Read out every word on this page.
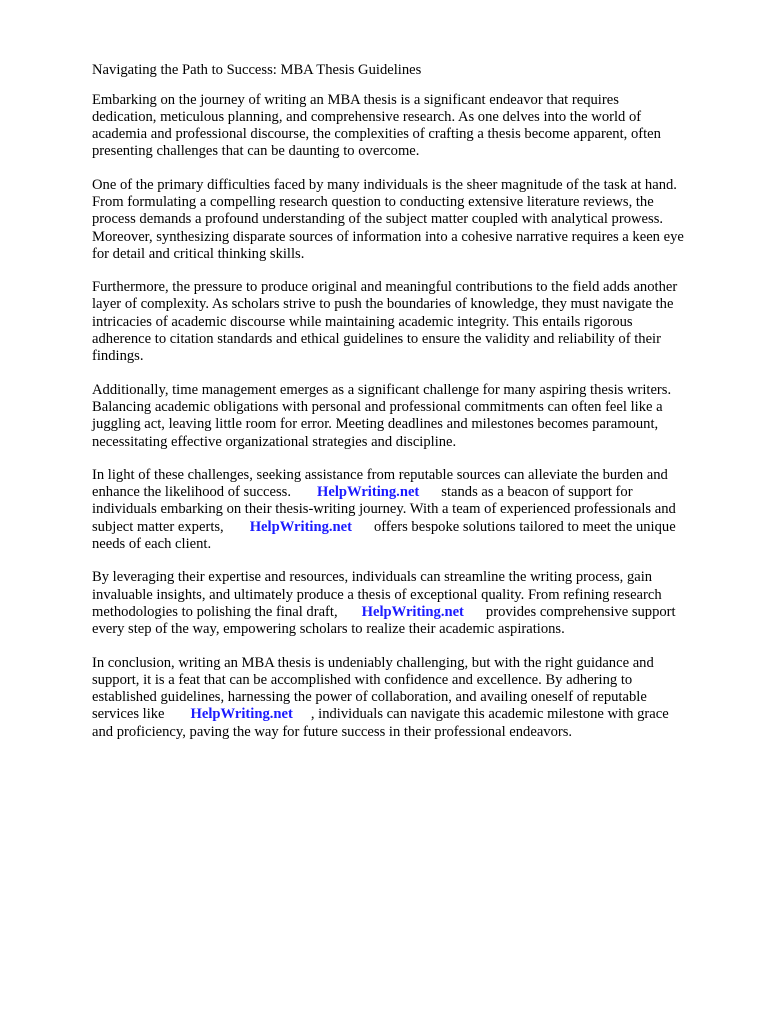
Navigating the Path to Success: MBA Thesis Guidelines
Embarking on the journey of writing an MBA thesis is a significant endeavor that requires
dedication, meticulous planning, and comprehensive research. As one delves into the world of
academia and professional discourse, the complexities of crafting a thesis become apparent, often
presenting challenges that can be daunting to overcome.
One of the primary difficulties faced by many individuals is the sheer magnitude of the task at hand.
From formulating a compelling research question to conducting extensive literature reviews, the
process demands a profound understanding of the subject matter coupled with analytical prowess.
Moreover, synthesizing disparate sources of information into a cohesive narrative requires a keen eye
for detail and critical thinking skills.
Furthermore, the pressure to produce original and meaningful contributions to the field adds another
layer of complexity. As scholars strive to push the boundaries of knowledge, they must navigate the
intricacies of academic discourse while maintaining academic integrity. This entails rigorous
adherence to citation standards and ethical guidelines to ensure the validity and reliability of their
findings.
Additionally, time management emerges as a significant challenge for many aspiring thesis writers.
Balancing academic obligations with personal and professional commitments can often feel like a
juggling act, leaving little room for error. Meeting deadlines and milestones becomes paramount,
necessitating effective organizational strategies and discipline.
In light of these challenges, seeking assistance from reputable sources can alleviate the burden and
enhance the likelihood of success. HelpWriting.net stands as a beacon of support for
individuals embarking on their thesis-writing journey. With a team of experienced professionals and
subject matter experts, HelpWriting.net offers bespoke solutions tailored to meet the unique
needs of each client.
By leveraging their expertise and resources, individuals can streamline the writing process, gain
invaluable insights, and ultimately produce a thesis of exceptional quality. From refining research
methodologies to polishing the final draft, HelpWriting.net provides comprehensive support
every step of the way, empowering scholars to realize their academic aspirations.
In conclusion, writing an MBA thesis is undeniably challenging, but with the right guidance and
support, it is a feat that can be accomplished with confidence and excellence. By adhering to
established guidelines, harnessing the power of collaboration, and availing oneself of reputable
services like HelpWriting.net , individuals can navigate this academic milestone with grace
and proficiency, paving the way for future success in their professional endeavors.
